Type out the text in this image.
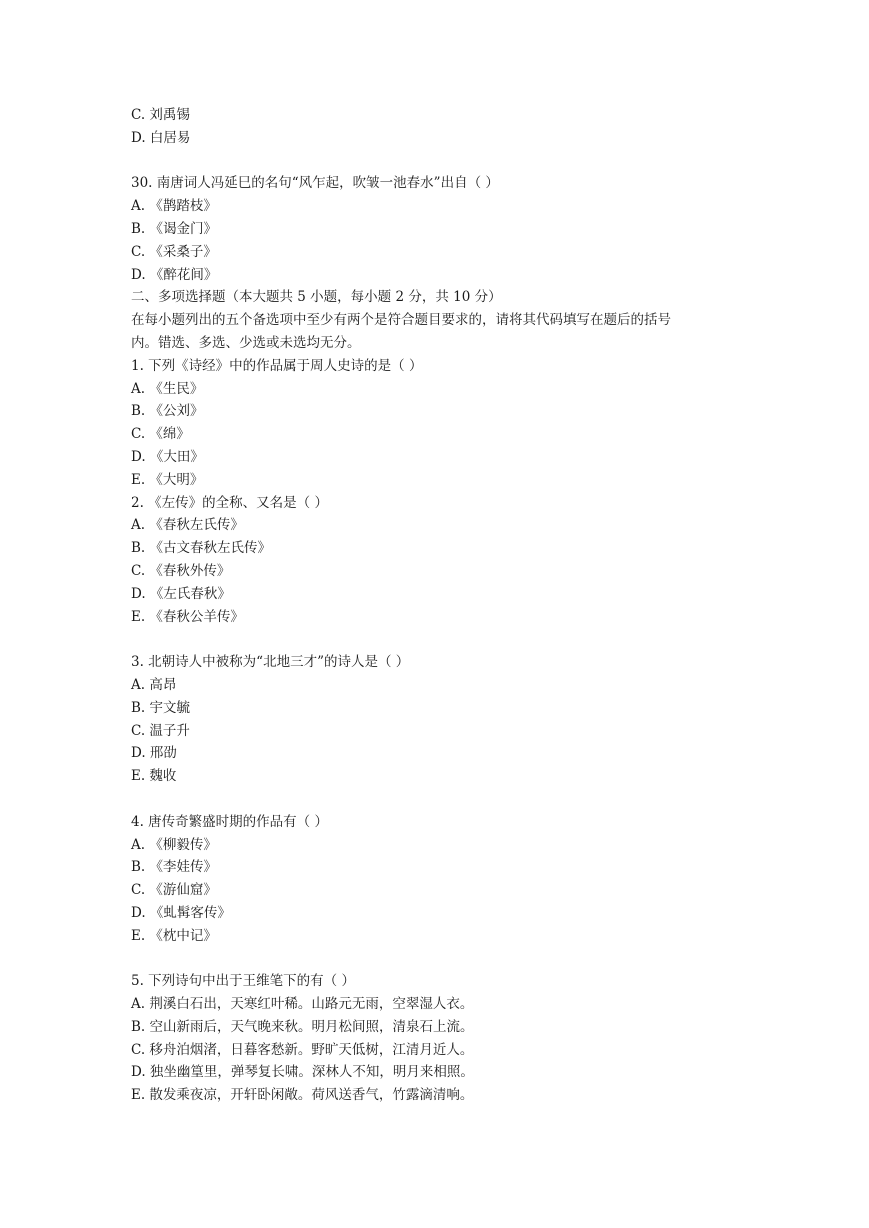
C. 刘禹锡
D. 白居易
30. 南唐词人冯延巳的名句“风乍起，吹皱一池春水”出自（ ）
A. 《鹊踏枝》
B. 《谒金门》
C. 《采桑子》
D. 《醉花间》
二、多项选择题（本大题共 5 小题，每小题 2 分，共 10 分）
在每小题列出的五个备选项中至少有两个是符合题目要求的，请将其代码填写在题后的括号
内。错选、多选、少选或未选均无分。
1. 下列《诗经》中的作品属于周人史诗的是（ ）
A. 《生民》
B. 《公刘》
C. 《绵》
D. 《大田》
E. 《大明》
2. 《左传》的全称、又名是（ ）
A. 《春秋左氏传》
B. 《古文春秋左氏传》
C. 《春秋外传》
D. 《左氏春秋》
E. 《春秋公羊传》
3. 北朝诗人中被称为“北地三才”的诗人是（ ）
A. 高昂
B. 宇文毓
C. 温子升
D. 邢劭
E. 魏收
4. 唐传奇繁盛时期的作品有（ ）
A. 《柳毅传》
B. 《李娃传》
C. 《游仙窟》
D. 《虬髯客传》
E. 《枕中记》
5. 下列诗句中出于王维笔下的有（ ）
A. 荆溪白石出，天寒红叶稀。山路元无雨，空翠湿人衣。
B. 空山新雨后，天气晚来秋。明月松间照，清泉石上流。
C. 移舟泊烟渚，日暮客愁新。野旷天低树，江清月近人。
D. 独坐幽篁里，弹琴复长啸。深林人不知，明月来相照。
E. 散发乘夜凉，开轩卧闲敞。荷风送香气，竹露滴清响。
